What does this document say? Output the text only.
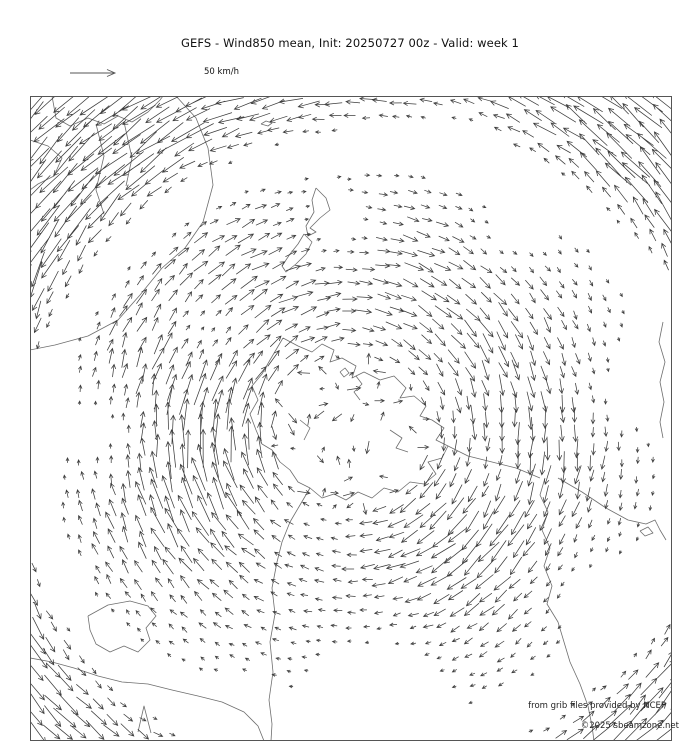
GEFS - Wind850 mean, Init: 20250727 00z - Valid: week 1
50 km/h
from grib files provided by NCEP
©2025 sbeamzone.net
